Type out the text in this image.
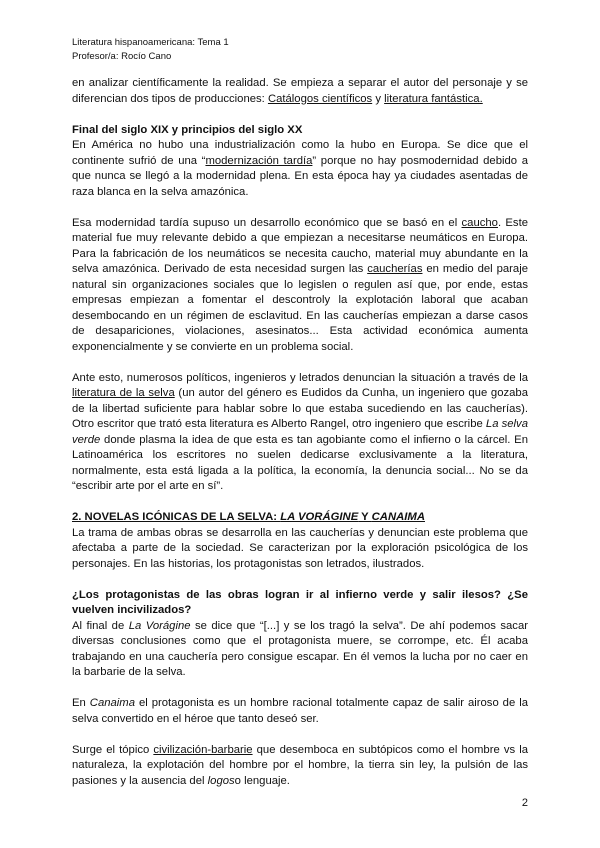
Literatura hispanoamericana: Tema 1
Profesor/a: Rocío Cano

en analizar científicamente la realidad. Se empieza a separar el autor del personaje y se diferencian dos tipos de producciones: Catálogos científicos y literatura fantástica.

Final del siglo XIX y principios del siglo XX

En América no hubo una industrialización como la hubo en Europa. Se dice que el continente sufrió de una “modernización tardía” porque no hay posmodernidad debido a que nunca se llegó a la modernidad plena. En esta época hay ya ciudades asentadas de raza blanca en la selva amazónica.

Esa modernidad tardía supuso un desarrollo económico que se basó en el caucho. Este material fue muy relevante debido a que empiezan a necesitarse neumáticos en Europa. Para la fabricación de los neumáticos se necesita caucho, material muy abundante en la selva amazónica. Derivado de esta necesidad surgen las caucherías en medio del paraje natural sin organizaciones sociales que lo legislen o regulen así que, por ende, estas empresas empiezan a fomentar el descontroly la explotación laboral que acaban desembocando en un régimen de esclavitud. En las caucherías empiezan a darse casos de desapariciones, violaciones, asesinatos... Esta actividad económica aumenta exponencialmente y se convierte en un problema social.

Ante esto, numerosos políticos, ingenieros y letrados denuncian la situación a través de la literatura de la selva (un autor del género es Eudidos da Cunha, un ingeniero que gozaba de la libertad suficiente para hablar sobre lo que estaba sucediendo en las caucherías). Otro escritor que trató esta literatura es Alberto Rangel, otro ingeniero que escribe La selva verde donde plasma la idea de que esta es tan agobiante como el infierno o la cárcel. En Latinoamérica los escritores no suelen dedicarse exclusivamente a la literatura, normalmente, esta está ligada a la política, la economía, la denuncia social... No se da “escribir arte por el arte en sí”.

2. NOVELAS ICÓNICAS DE LA SELVA: LA VORÁGINE Y CANAIMA

La trama de ambas obras se desarrolla en las caucherías y denuncian este problema que afectaba a parte de la sociedad. Se caracterizan por la exploración psicológica de los personajes. En las historias, los protagonistas son letrados, ilustrados.

¿Los protagonistas de las obras logran ir al infierno verde y salir ilesos? ¿Se vuelven incivilizados?

Al final de La Vorágine se dice que “[...] y se los tragó la selva”. De ahí podemos sacar diversas conclusiones como que el protagonista muere, se corrompe, etc. Él acaba trabajando en una cauchería pero consigue escapar. En él vemos la lucha por no caer en la barbarie de la selva.

En Canaima el protagonista es un hombre racional totalmente capaz de salir airoso de la selva convertido en el héroe que tanto deseó ser.

Surge el tópico civilización-barbarie que desemboca en subtópicos como el hombre vs la naturaleza, la explotación del hombre por el hombre, la tierra sin ley, la pulsión de las pasiones y la ausencia del logoso lenguaje.

2
